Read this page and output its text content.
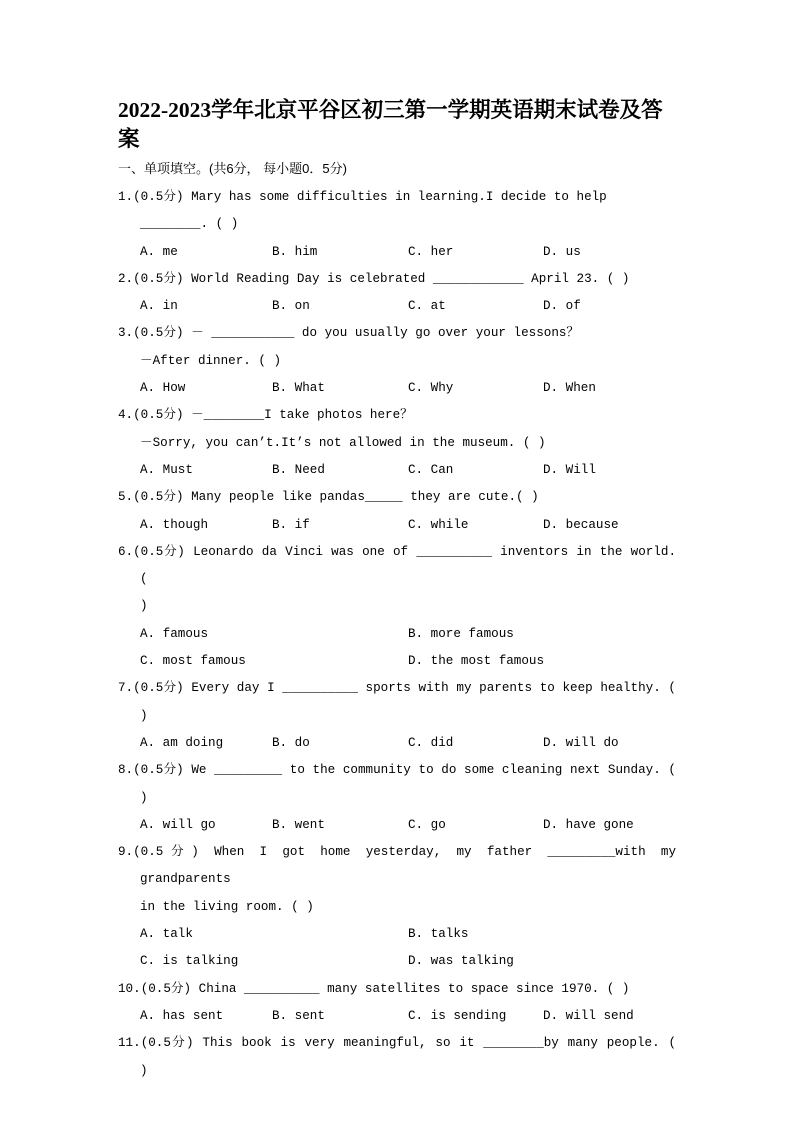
2022-2023学年北京平谷区初三第一学期英语期末试卷及答案
一、单项填空。(共6分， 每小题0．5分)
1.(0.5分) Mary has some difficulties in learning.I decide to help
________. ( )
A. me	B. him	C. her	D. us
2.(0.5分) World Reading Day is celebrated ____________ April 23. ( )
A. in	B. on	C. at	D. of
3.(0.5分) － ___________ do you usually go over your lessons？
－After dinner. ( )
A. How	B. What	C. Why	D. When
4.(0.5分) －________I take photos here？
－Sorry, you can’t.It’s not allowed in the museum. ( )
A. Must	B. Need	C. Can	D. Will
5.(0.5分) Many people like pandas_____ they are cute.( )
A. though	B. if	C. while	D. because
6.(0.5分) Leonardo da Vinci was one of __________ inventors in the world. (
)
A. famous	B. more famous
C. most famous	D. the most famous
7.(0.5分) Every day I __________ sports with my parents to keep healthy. (
)
A. am doing	B. do	C. did	D. will do
8.(0.5分) We _________ to the community to do some cleaning next Sunday. (
)
A. will go	B. went	C. go	D. have gone
9.(0.5分) When I got home yesterday, my father _________with my grandparents
in the living room. ( )
A. talk	B. talks
C. is talking	D. was talking
10.(0.5分) China __________ many satellites to space since 1970. ( )
A. has sent	B. sent	C. is sending	D. will send
11.(0.5分) This book is very meaningful, so it ________by many people. (
)
